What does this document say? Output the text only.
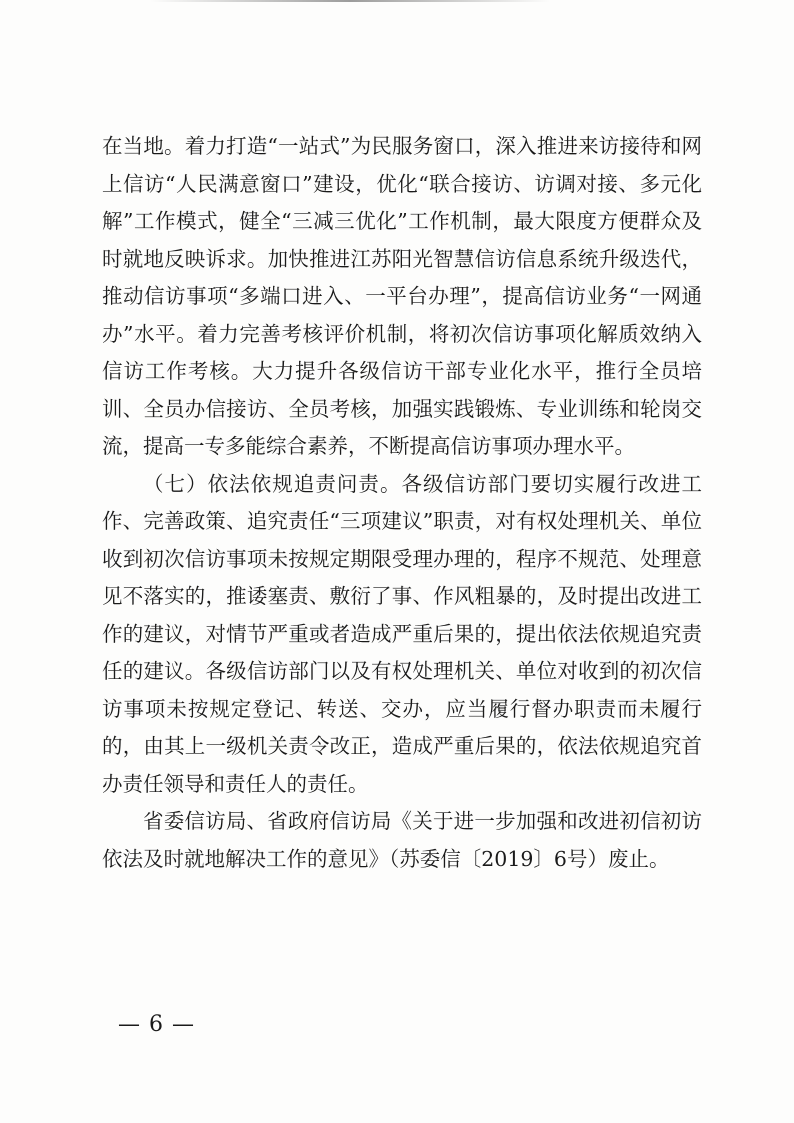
在当地。着力打造“一站式”为民服务窗口，深入推进来访接待和网上信访“人民满意窗口”建设，优化“联合接访、访调对接、多元化解”工作模式，健全“三减三优化”工作机制，最大限度方便群众及时就地反映诉求。加快推进江苏阳光智慧信访信息系统升级迭代，推动信访事项“多端口进入、一平台办理”，提高信访业务“一网通办”水平。着力完善考核评价机制，将初次信访事项化解质效纳入信访工作考核。大力提升各级信访干部专业化水平，推行全员培训、全员办信接访、全员考核，加强实践锻炼、专业训练和轮岗交流，提高一专多能综合素养，不断提高信访事项办理水平。

（七）依法依规追责问责。各级信访部门要切实履行改进工作、完善政策、追究责任“三项建议”职责，对有权处理机关、单位收到初次信访事项未按规定期限受理办理的，程序不规范、处理意见不落实的，推诿塞责、敷衍了事、作风粗暴的，及时提出改进工作的建议，对情节严重或者造成严重后果的，提出依法依规追究责任的建议。各级信访部门以及有权处理机关、单位对收到的初次信访事项未按规定登记、转送、交办，应当履行督办职责而未履行的，由其上一级机关责令改正，造成严重后果的，依法依规追究首办责任领导和责任人的责任。

省委信访局、省政府信访局《关于进一步加强和改进初信初访依法及时就地解决工作的意见》（苏委信〔2019〕6号）废止。

— 6 —
